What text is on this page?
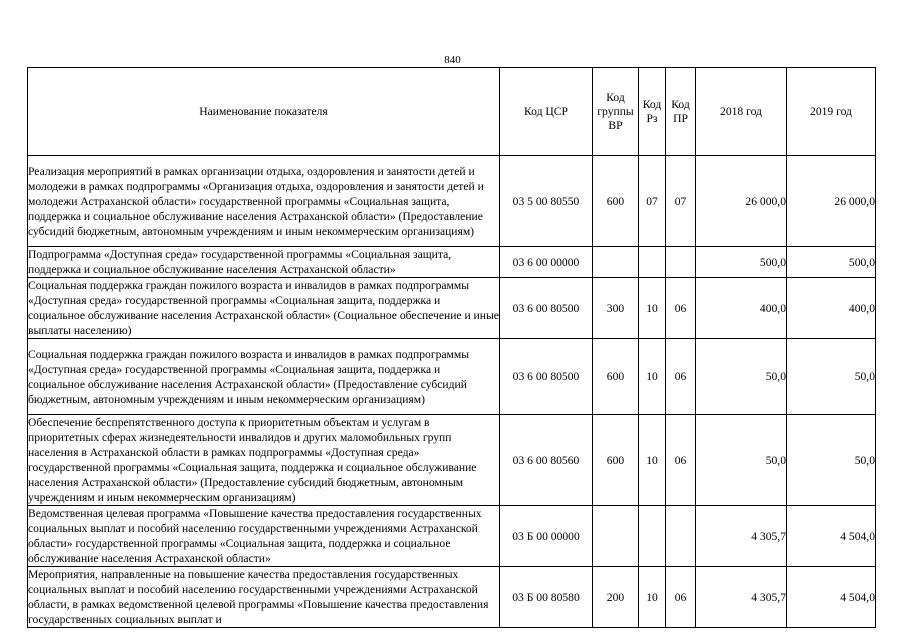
840
Наименование показателя	Код ЦСР	Код группы ВР	Код Рз	Код ПР	2018 год	2019 год
Реализация мероприятий в рамках организации отдыха, оздоровления и занятости детей и молодежи в рамках подпрограммы «Организация отдыха, оздоровления и занятости детей и молодежи Астраханской области» государственной программы «Социальная защита, поддержка и социальное обслуживание населения Астраханской области» (Предоставление субсидий бюджетным, автономным учреждениям и иным некоммерческим организациям)	03 5 00 80550	600	07	07	26 000,0	26 000,0
Подпрограмма «Доступная среда» государственной программы «Социальная защита, поддержка и социальное обслуживание населения Астраханской области»	03 6 00 00000				500,0	500,0
Социальная поддержка граждан пожилого возраста и инвалидов в рамках подпрограммы «Доступная среда» государственной программы «Социальная защита, поддержка и социальное обслуживание населения Астраханской области» (Социальное обеспечение и иные выплаты населению)	03 6 00 80500	300	10	06	400,0	400,0
Социальная поддержка граждан пожилого возраста и инвалидов в рамках подпрограммы «Доступная среда» государственной программы «Социальная защита, поддержка и социальное обслуживание населения Астраханской области» (Предоставление субсидий бюджетным, автономным учреждениям и иным некоммерческим организациям)	03 6 00 80500	600	10	06	50,0	50,0
Обеспечение беспрепятственного доступа к приоритетным объектам и услугам в приоритетных сферах жизнедеятельности инвалидов и других маломобильных групп населения в Астраханской области в рамках подпрограммы «Доступная среда» государственной программы «Социальная защита, поддержка и социальное обслуживание населения Астраханской области» (Предоставление субсидий бюджетным, автономным учреждениям и иным некоммерческим организациям)	03 6 00 80560	600	10	06	50,0	50,0
Ведомственная целевая программа «Повышение качества предоставления государственных социальных выплат и пособий населению государственными учреждениями Астраханской области» государственной программы «Социальная защита, поддержка и социальное обслуживание населения Астраханской области»	03 Б 00 00000				4 305,7	4 504,0
Мероприятия, направленные на повышение качества предоставления государственных социальных выплат и пособий населению государственными учреждениями Астраханской области, в рамках ведомственной целевой программы «Повышение качества предоставления государственных социальных выплат и	03 Б 00 80580	200	10	06	4 305,7	4 504,0
